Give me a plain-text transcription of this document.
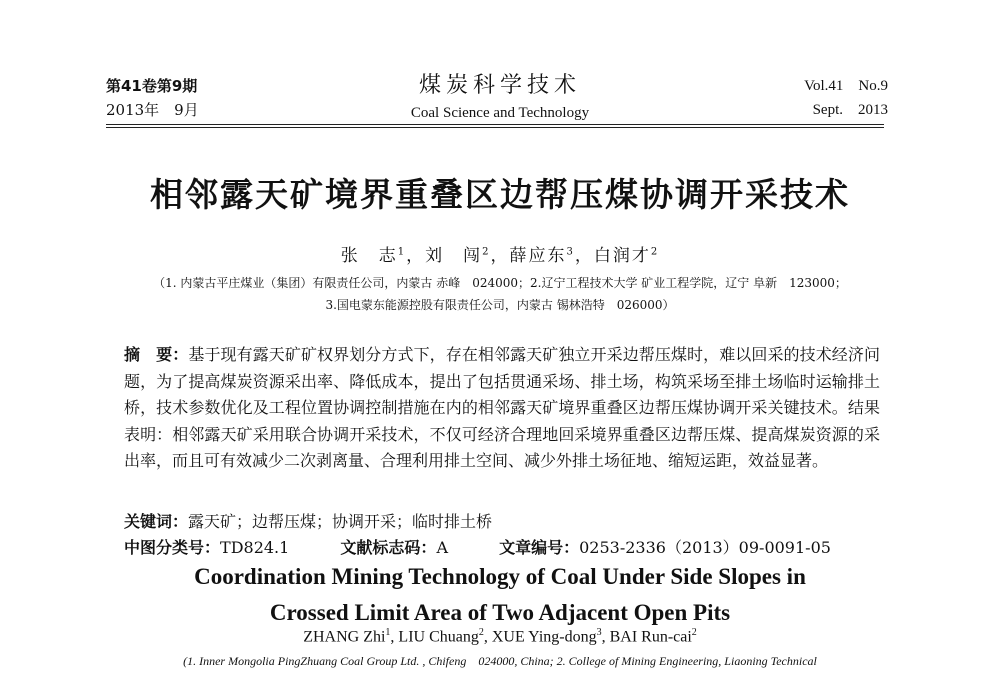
第41卷第9期
2013年　9月
煤炭科学技术
Coal Science and Technology
Vol.41　No.9
Sept.　2013
相邻露天矿境界重叠区边帮压煤协调开采技术
张　志$^1$，刘　闯$^2$，薛应东$^3$，白润才$^2$
（1. 内蒙古平庄煤业（集团）有限责任公司，内蒙古 赤峰　024000；2.辽宁工程技术大学 矿业工程学院，辽宁 阜新　123000；
3.国电蒙东能源控股有限责任公司，内蒙古 锡林浩特　026000）
摘　要：基于现有露天矿矿权界划分方式下，存在相邻露天矿独立开采边帮压煤时，难以回采的技术经济问题，为了提高煤炭资源采出率、降低成本，提出了包括贯通采场、排土场，构筑采场至排土场临时运输排土桥，技术参数优化及工程位置协调控制措施在内的相邻露天矿境界重叠区边帮压煤协调开采关键技术。结果表明：相邻露天矿采用联合协调开采技术，不仅可经济合理地回采境界重叠区边帮压煤、提高煤炭资源的采出率，而且可有效减少二次剥离量、合理利用排土空间、减少外排土场征地、缩短运距，效益显著。
关键词：露天矿；边帮压煤；协调开采；临时排土桥
中图分类号：TD824.1	文献标志码：A	文章编号：0253-2336（2013）09-0091-05
Coordination Mining Technology of Coal Under Side Slopes in
Crossed Limit Area of Two Adjacent Open Pits
ZHANG Zhi$^1$, LIU Chuang$^2$, XUE Ying-dong$^3$, BAI Run-cai$^2$
(1. Inner Mongolia PingZhuang Coal Group Ltd. , Chifeng　024000, China; 2. College of Mining Engineering, Liaoning Technical
